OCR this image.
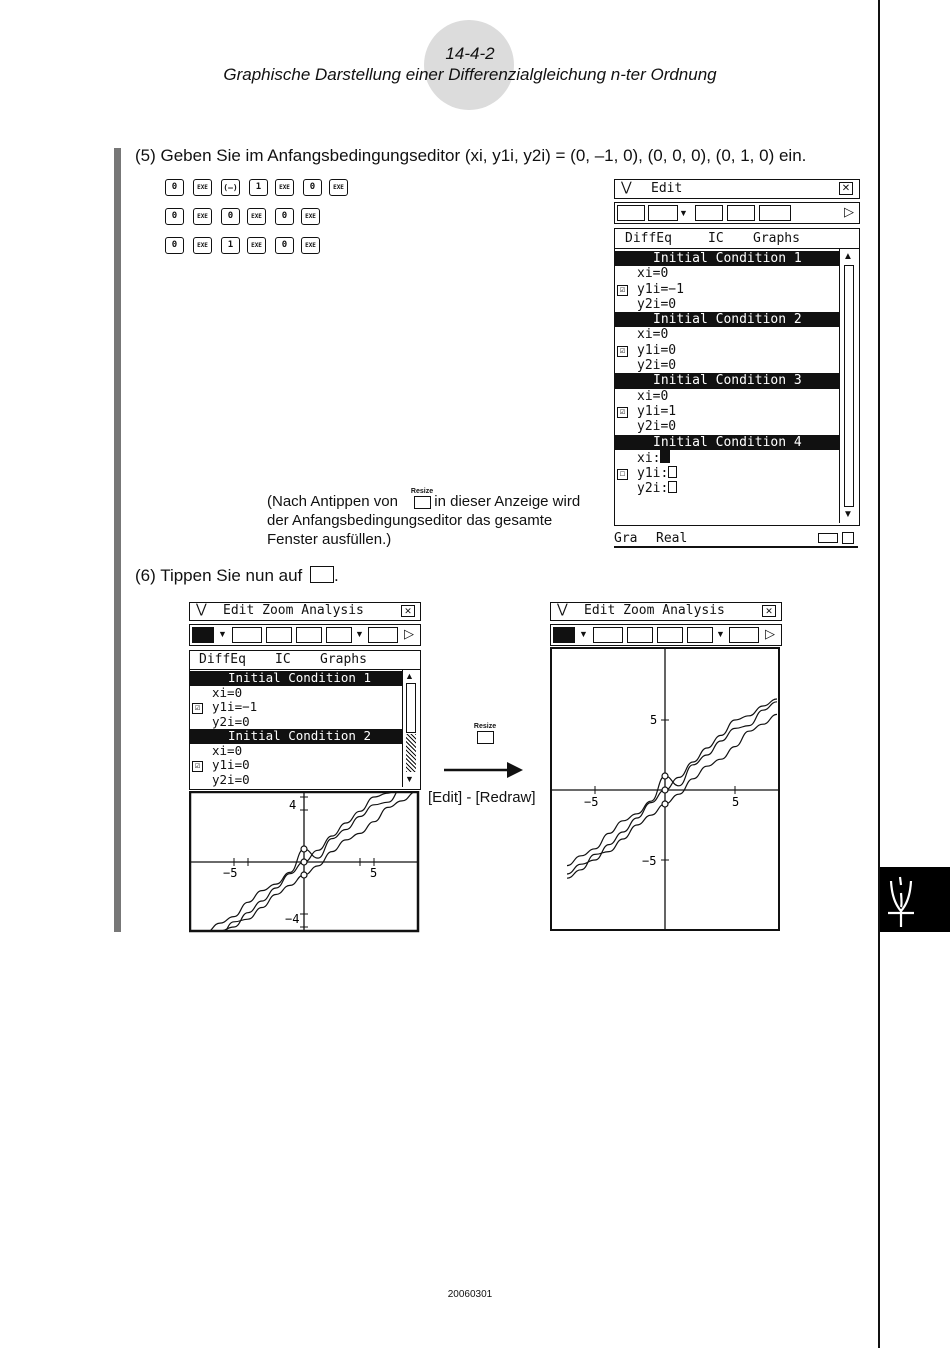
14-4-2
Graphische Darstellung einer Differenzialgleichung n-ter Ordnung
(5) Geben Sie im Anfangsbedingungseditor (xi, y1i, y2i) = (0, –1, 0), (0, 0, 0), (0, 1, 0) ein.
0	EXE	(–)	1	EXE	0	EXE
0	EXE	0	EXE	0	EXE
0	EXE	1	EXE	0	EXE
⋁ Edit	✕
▼	▷
DiffEq	IC Graphs
Initial Condition 1
xi=0
☑ y1i=−1
y2i=0
Initial Condition 2
xi=0
☑ y1i=0
y2i=0
Initial Condition 3
xi=0
☑ y1i=1
y2i=0
Initial Condition 4
xi:
☐ y1i:
y2i:
▲
▼
Gra Real
(Nach Antippen von in dieser Anzeige wird
Resize

der Anfangsbedingungseditor das gesamte
Fenster ausfüllen.)
(6) Tippen Sie nun auf .
⋁ Edit Zoom Analysis	✕
▼	▼	▷
DiffEq IC Graphs
Initial Condition 1
xi=0
☑ y1i=−1
y2i=0
Initial Condition 2
xi=0
☑ y1i=0
y2i=0
▲
▼
4
−4
−5	5
Resize

[Edit] - [Redraw]
⋁ Edit Zoom Analysis	✕
▼	▼	▷
5
−5
−5	5
20060301
